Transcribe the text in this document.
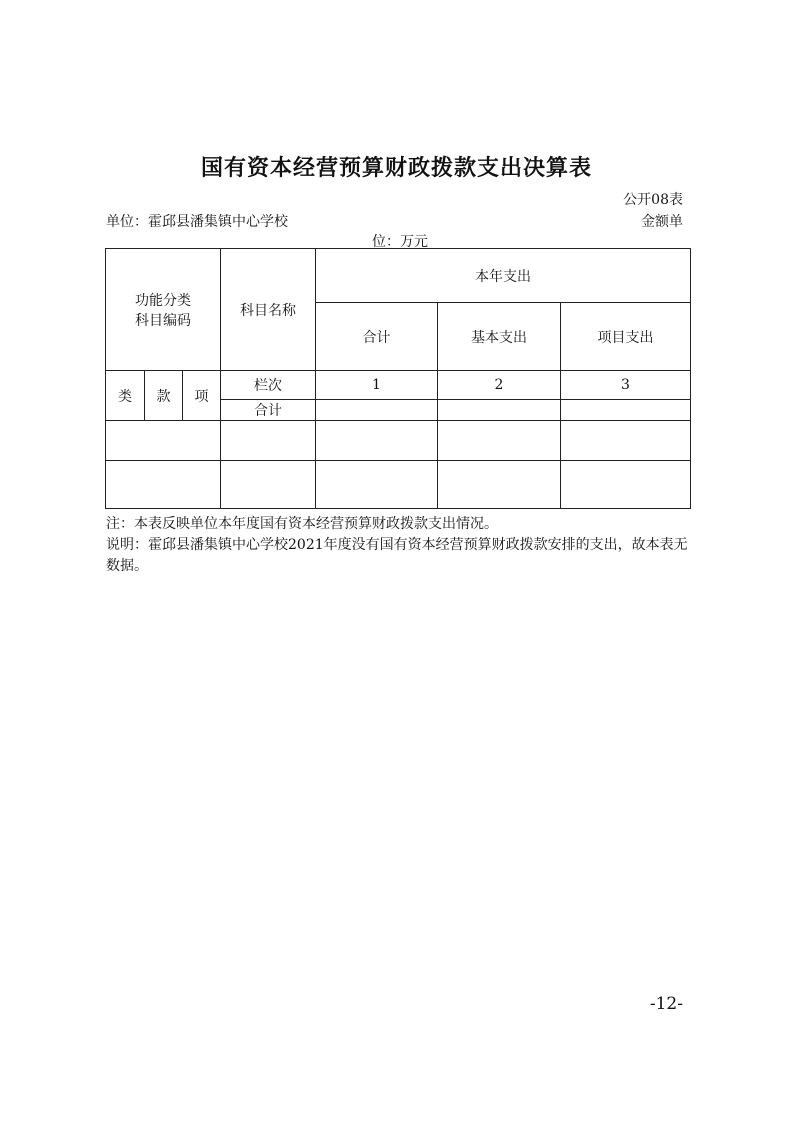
国有资本经营预算财政拨款支出决算表
公开08表
单位：霍邱县潘集镇中心学校	金额单
位：万元
功能分类
科目编码			科目名称	本年支出		
				合计	基本支出	项目支出
类	款	项	栏次	1	2	3
			合计			

注：本表反映单位本年度国有资本经营预算财政拨款支出情况。

说明：霍邱县潘集镇中心学校2021年度没有国有资本经营预算财政拨款安排的支出，故本表无数据。

-12-
